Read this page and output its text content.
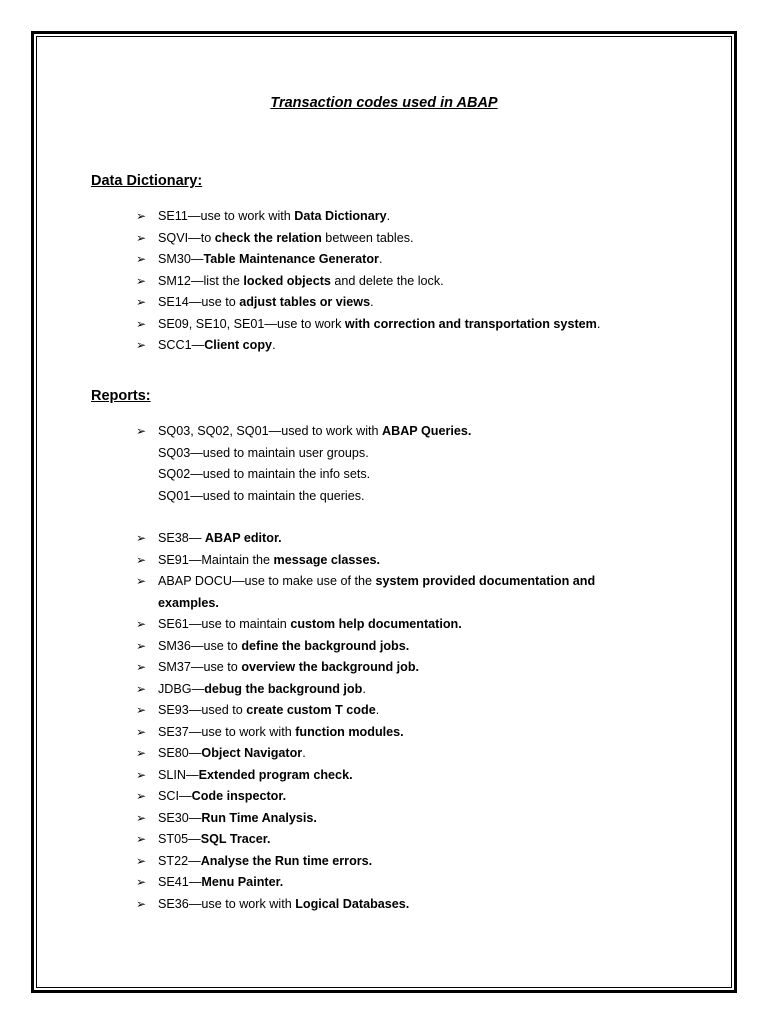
Transaction codes used in ABAP
Data Dictionary:
➢ SE11—use to work with Data Dictionary.
➢ SQVI—to check the relation between tables.
➢ SM30—Table Maintenance Generator.
➢ SM12—list the locked objects and delete the lock.
➢ SE14—use to adjust tables or views.
➢ SE09, SE10, SE01—use to work with correction and transportation system.
➢ SCC1—Client copy.
Reports:
➢ SQ03, SQ02, SQ01—used to work with ABAP Queries.
SQ03—used to maintain user groups.
SQ02—used to maintain the info sets.
SQ01—used to maintain the queries.
➢ SE38— ABAP editor.
➢ SE91—Maintain the message classes.
➢ ABAP DOCU—use to make use of the system provided documentation and examples.
➢ SE61—use to maintain custom help documentation.
➢ SM36—use to define the background jobs.
➢ SM37—use to overview the background job.
➢ JDBG—debug the background job.
➢ SE93—used to create custom T code.
➢ SE37—use to work with function modules.
➢ SE80—Object Navigator.
➢ SLIN—Extended program check.
➢ SCI—Code inspector.
➢ SE30—Run Time Analysis.
➢ ST05—SQL Tracer.
➢ ST22—Analyse the Run time errors.
➢ SE41—Menu Painter.
➢ SE36—use to work with Logical Databases.
